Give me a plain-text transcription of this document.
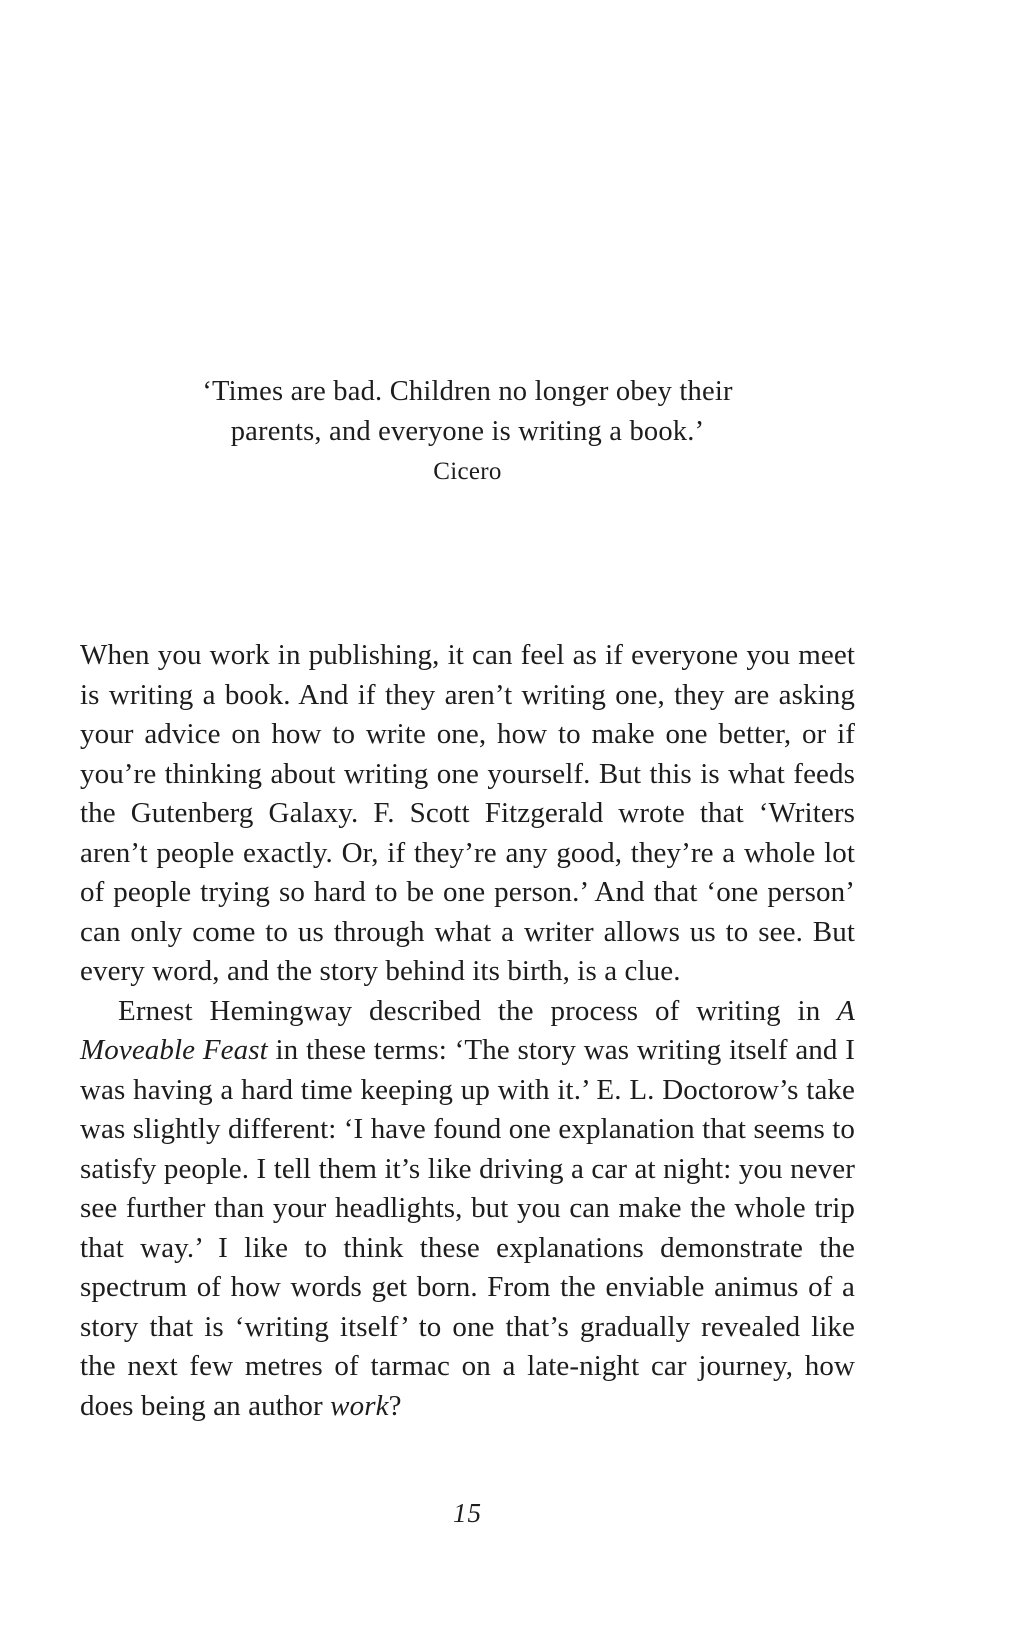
‘Times are bad. Children no longer obey their
parents, and everyone is writing a book.’
Cicero

When you work in publishing, it can feel as if everyone you meet is writing a book. And if they aren’t writing one, they are asking your advice on how to write one, how to make one better, or if you’re thinking about writing one yourself. But this is what feeds the Gutenberg Galaxy. F. Scott Fitzgerald wrote that ‘Writers aren’t people exactly. Or, if they’re any good, they’re a whole lot of people trying so hard to be one person.’ And that ‘one person’ can only come to us through what a writer allows us to see. But every word, and the story behind its birth, is a clue.

Ernest Hemingway described the process of writing in A Moveable Feast in these terms: ‘The story was writing itself and I was having a hard time keeping up with it.’ E. L. Doctorow’s take was slightly different: ‘I have found one explanation that seems to satisfy people. I tell them it’s like driving a car at night: you never see further than your headlights, but you can make the whole trip that way.’ I like to think these explanations demonstrate the spectrum of how words get born. From the enviable animus of a story that is ‘writing itself’ to one that’s gradually revealed like the next few metres of tarmac on a late-night car journey, how does being an author work?

15
